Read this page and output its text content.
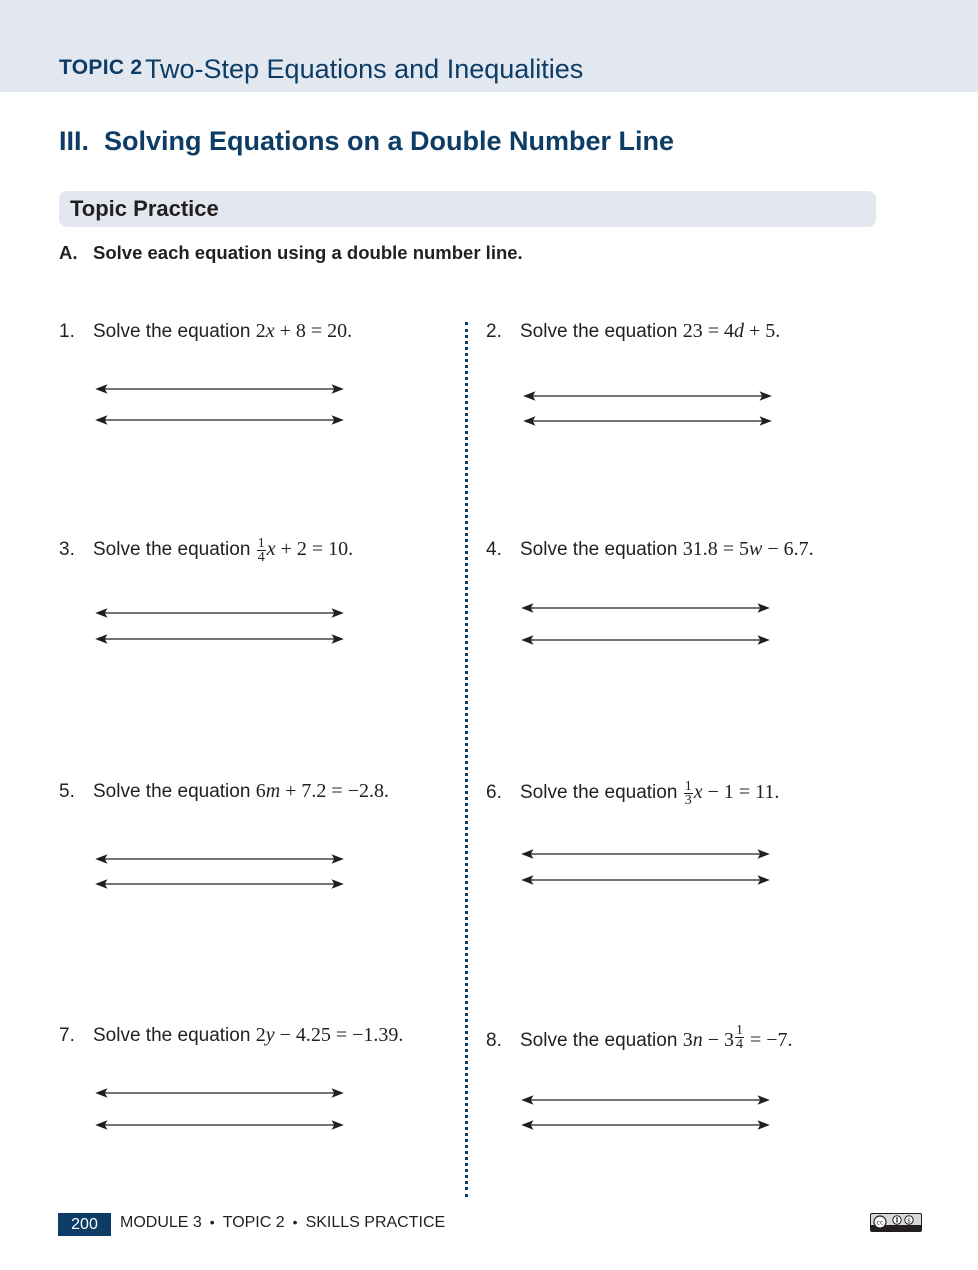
TOPIC 2 Two-Step Equations and Inequalities
III.  Solving Equations on a Double Number Line
Topic Practice
A. Solve each equation using a double number line.
1. Solve the equation 2x + 8 = 20.	2. Solve the equation 23 = 4d + 5.
3. Solve the equation $\frac{1}{4}$ x + 2 = 10.	4. Solve the equation 31.8 = 5w − 6.7.
5. Solve the equation 6m + 7.2 = −2.8.	6. Solve the equation $\frac{1}{3}$ x − 1 = 11.
7. Solve the equation 2y − 4.25 = −1.39.	8. Solve the equation $3n - 3 \frac{1}{4} = -7$.
200	MODULE 3 • TOPIC 2 • SKILLS PRACTICE	cc	$
